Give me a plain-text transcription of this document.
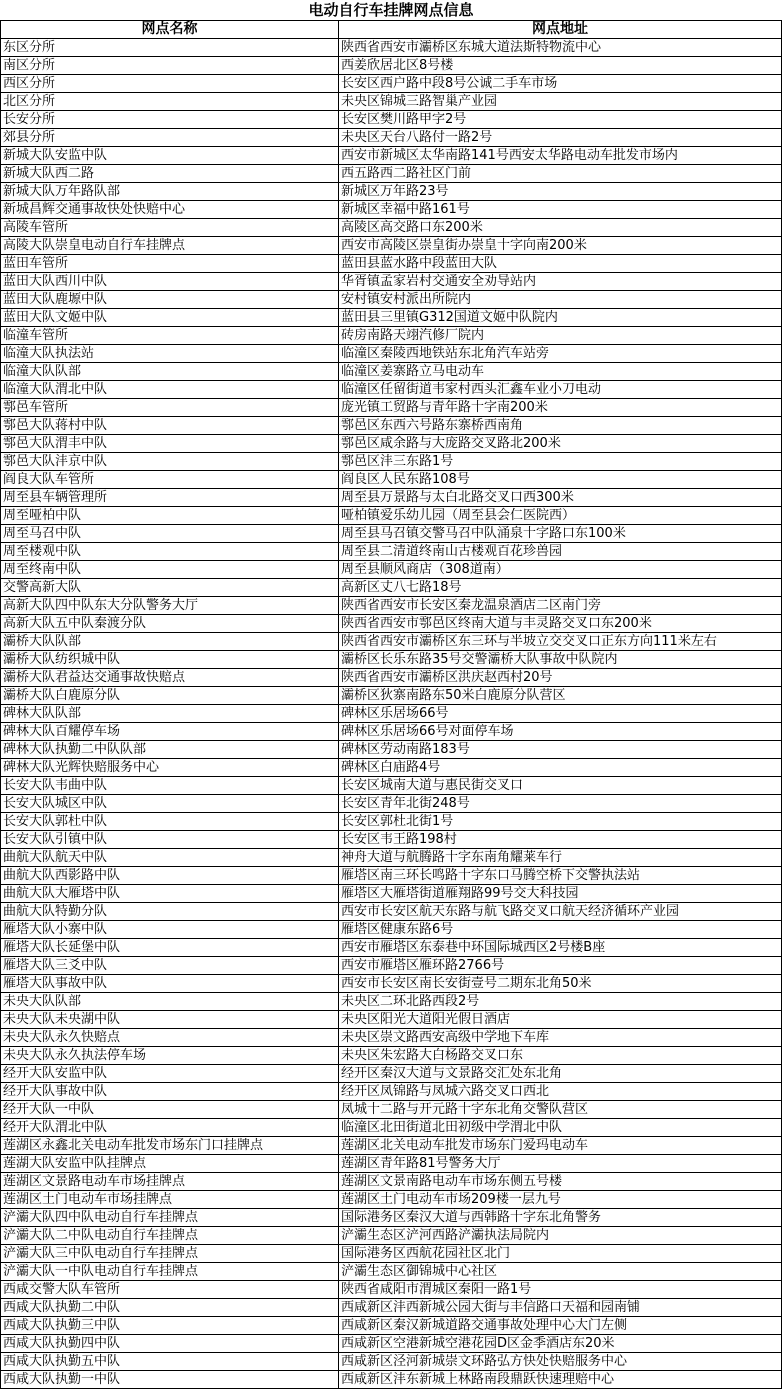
电动自行车挂牌网点信息
网点名称	网点地址
东区分所	陕西省西安市灞桥区东城大道法斯特物流中心
南区分所	西姜欣居北区8号楼
西区分所	长安区西户路中段8号公诚二手车市场
北区分所	未央区锦城三路智巢产业园
长安分所	长安区樊川路甲字2号
郊县分所	未央区天台八路付一路2号
新城大队安监中队	西安市新城区太华南路141号西安太华路电动车批发市场内
新城大队西二路	西五路西二路社区门前
新城大队万年路队部	新城区万年路23号
新城昌辉交通事故快处快赔中心	新城区幸福中路161号
高陵车管所	高陵区高交路口东200米
高陵大队崇皇电动自行车挂牌点	西安市高陵区崇皇街办崇皇十字向南200米
蓝田车管所	蓝田县蓝水路中段蓝田大队
蓝田大队西川中队	华胥镇孟家岩村交通安全劝导站内
蓝田大队鹿塬中队	安村镇安村派出所院内
蓝田大队文姬中队	蓝田县三里镇G312国道文姬中队院内
临潼车管所	砖房南路天翊汽修厂院内
临潼大队执法站	临潼区秦陵西地铁站东北角汽车站旁
临潼大队队部	临潼区姜寨路立马电动车
临潼大队渭北中队	临潼区任留街道韦家村西头汇鑫车业小刀电动
鄠邑车管所	庞光镇工贸路与青年路十字南200米
鄠邑大队蒋村中队	鄠邑区东西六号路东寨桥西南角
鄠邑大队渭丰中队	鄠邑区咸余路与大庞路交叉路北200米
鄠邑大队沣京中队	鄠邑区沣三东路1号
阎良大队车管所	阎良区人民东路108号
周至县车辆管理所	周至县万景路与太白北路交叉口西300米
周至哑柏中队	哑柏镇爱乐幼儿园（周至县会仁医院西）
周至马召中队	周至县马召镇交警马召中队涌泉十字路口东100米
周至楼观中队	周至县二清道终南山古楼观百花珍兽园
周至终南中队	周至县顺风商店（308道南）
交警高新大队	高新区丈八七路18号
高新大队四中队东大分队警务大厅	陕西省西安市长安区秦龙温泉酒店二区南门旁
高新大队五中队秦渡分队	陕西省西安市鄠邑区终南大道与丰灵路交叉口东200米
灞桥大队队部	陕西省西安市灞桥区东三环与半坡立交交叉口正东方向111米左右
灞桥大队纺织城中队	灞桥区长乐东路35号交警灞桥大队事故中队院内
灞桥大队君益达交通事故快赔点	陕西省西安市灞桥区洪庆赵西村20号
灞桥大队白鹿原分队	灞桥区狄寨南路东50米白鹿原分队营区
碑林大队队部	碑林区乐居场66号
碑林大队百耀停车场	碑林区乐居场66号对面停车场
碑林大队执勤二中队队部	碑林区劳动南路183号
碑林大队光辉快赔服务中心	碑林区白庙路4号
长安大队韦曲中队	长安区城南大道与惠民街交叉口
长安大队城区中队	长安区青年北街248号
长安大队郭杜中队	长安区郭杜北街1号
长安大队引镇中队	长安区韦王路198村
曲航大队航天中队	神舟大道与航腾路十字东南角耀莱车行
曲航大队西影路中队	雁塔区南三环长鸣路十字东口马腾空桥下交警执法站
曲航大队大雁塔中队	雁塔区大雁塔街道雁翔路99号交大科技园
曲航大队特勤分队	西安市长安区航天东路与航飞路交叉口航天经济循环产业园
雁塔大队小寨中队	雁塔区健康东路6号
雁塔大队长延堡中队	西安市雁塔区东泰巷中环国际城西区2号楼B座
雁塔大队三爻中队	西安市雁塔区雁环路2766号
雁塔大队事故中队	西安市长安区南长安街壹号二期东北角50米
未央大队队部	未央区二环北路西段2号
未央大队未央湖中队	未央区阳光大道阳光假日酒店
未央大队永久快赔点	未央区崇文路西安高级中学地下车库
未央大队永久执法停车场	未央区朱宏路大白杨路交叉口东
经开大队安监中队	经开区秦汉大道与文景路交汇处东北角
经开大队事故中队	经开区凤锦路与凤城六路交叉口西北
经开大队一中队	凤城十二路与开元路十字东北角交警队营区
经开大队渭北中队	临潼区北田街道北田初级中学渭北中队
莲湖区永鑫北关电动车批发市场东门口挂牌点	莲湖区北关电动车批发市场东门爱玛电动车
莲湖大队安监中队挂牌点	莲湖区青年路81号警务大厅
莲湖区文景路电动车市场挂牌点	莲湖区文景南路电动车市场东侧五号楼
莲湖区土门电动车市场挂牌点	莲湖区土门电动车市场209楼一层九号
浐灞大队四中队电动自行车挂牌点	国际港务区秦汉大道与西韩路十字东北角警务
浐灞大队二中队电动自行车挂牌点	浐灞生态区浐河西路浐灞执法局院内
浐灞大队三中队电动自行车挂牌点	国际港务区西航花园社区北门
浐灞大队一中队电动自行车挂牌点	浐灞生态区御锦城中心社区
西咸交警大队车管所	陕西省咸阳市渭城区秦阳一路1号
西咸大队执勤二中队	西咸新区沣西新城公园大街与丰信路口天福和园南铺
西咸大队执勤三中队	西咸新区秦汉新城道路交通事故处理中心大门左侧
西咸大队执勤四中队	西咸新区空港新城空港花园D区金季酒店东20米
西咸大队执勤五中队	西咸新区泾河新城崇文环路弘方快处快赔服务中心
西咸大队执勤一中队	西咸新区沣东新城上林路南段鼎跃快速理赔中心
